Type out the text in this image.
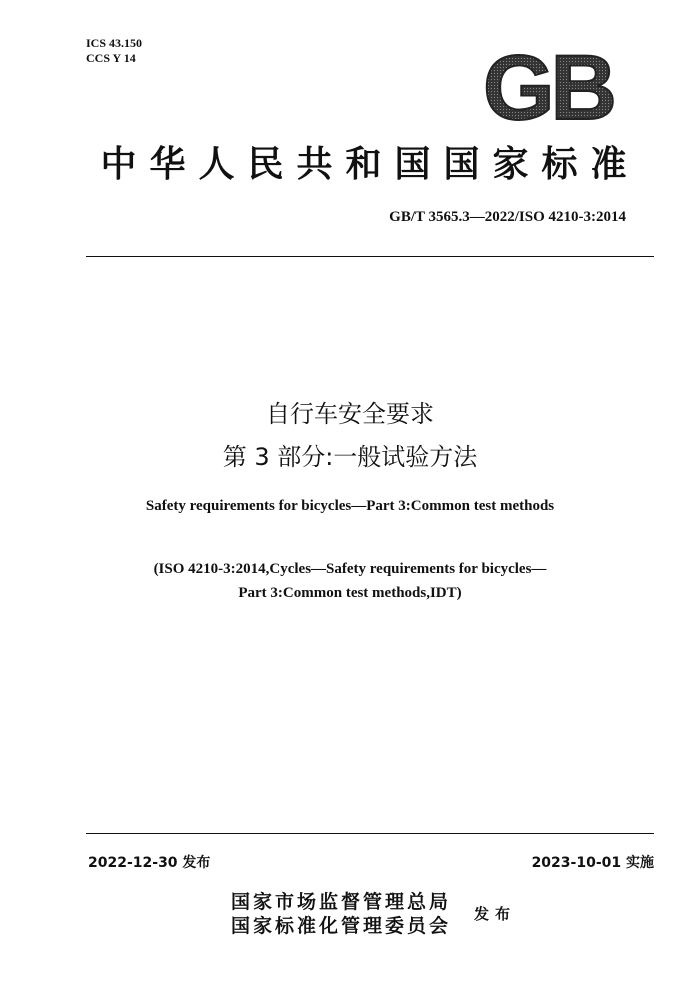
ICS 43.150
CCS Y 14	GB
中华人民共和国国家标准
GB/T 3565.3—2022/ISO 4210-3:2014
自行车安全要求
第 3 部分:一般试验方法
Safety requirements for bicycles—Part 3:Common test methods
(ISO 4210-3:2014,Cycles—Safety requirements for bicycles—
Part 3:Common test methods,IDT)
2022-12-30 发布	2023-10-01 实施
国家市场监督管理总局
国家标准化管理委员会
发布
